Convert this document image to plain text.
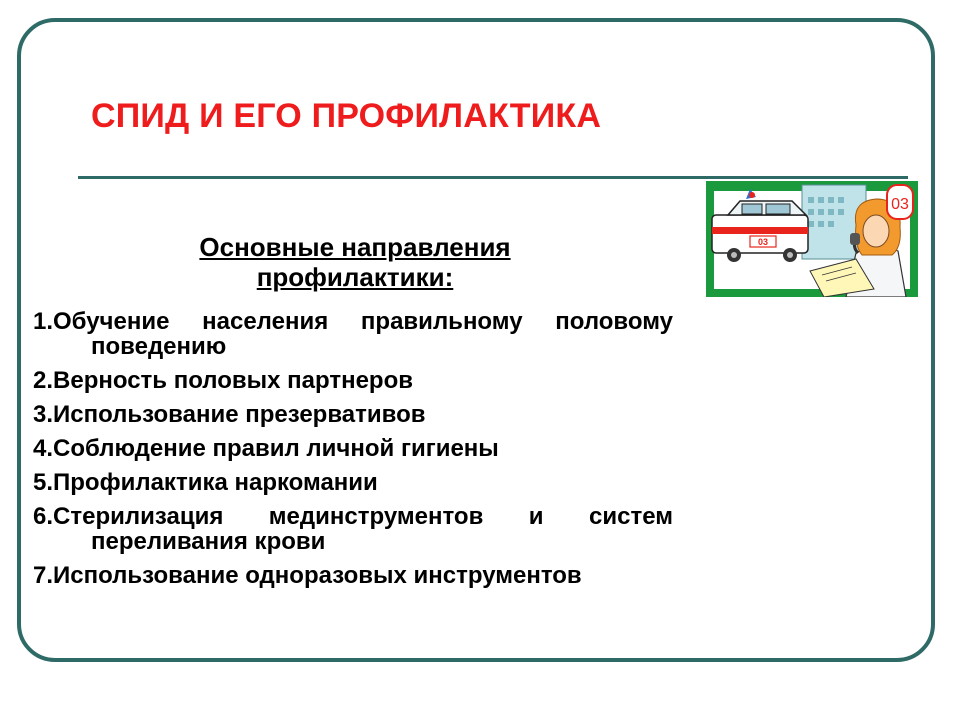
СПИД И ЕГО ПРОФИЛАКТИКА
Основные направления профилактики:
1.Обучение населения правильному половому поведению
2.Верность половых партнеров
3.Использование презервативов
4.Соблюдение правил личной гигиены
5.Профилактика наркомании
6.Стерилизация мединструментов и систем переливания крови
7.Использование одноразовых инструментов
03
03
